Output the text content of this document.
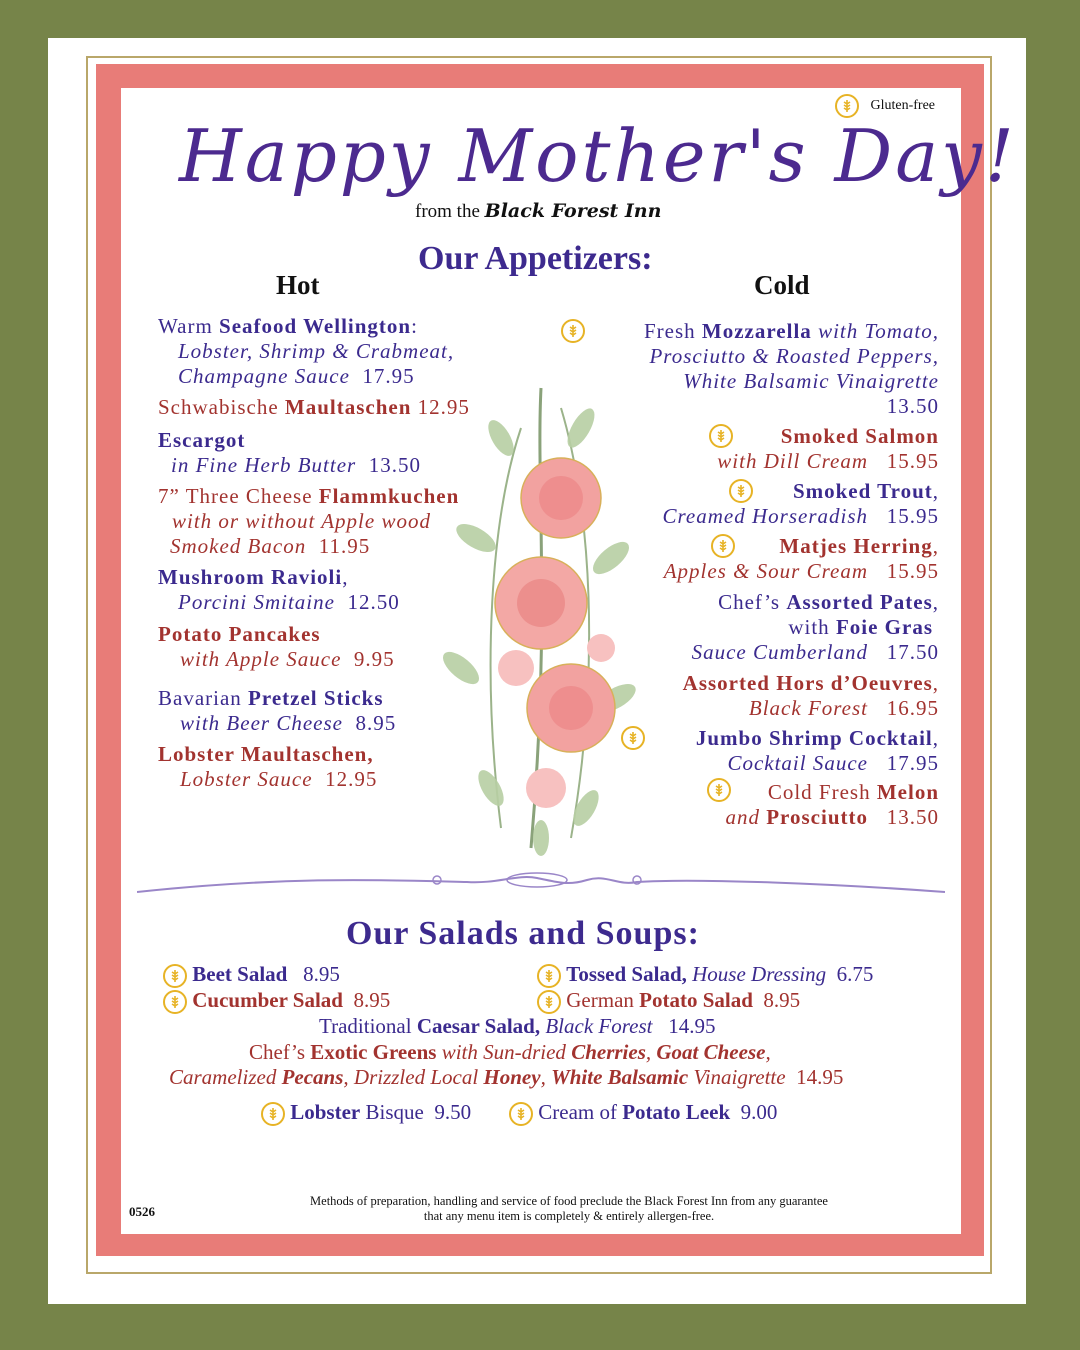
Gluten-free
Happy Mother's Day!
from the Black Forest Inn
Our Appetizers:
Hot	Cold
Warm Seafood Wellington:
Lobster, Shrimp & Crabmeat,
Champagne Sauce 17.95
Schwabische Maultaschen 12.95
Escargot
in Fine Herb Butter 13.50
7” Three Cheese Flammkuchen
with or without Apple wood
Smoked Bacon 11.95
Mushroom Ravioli,
Porcini Smitaine 12.50
Potato Pancakes
with Apple Sauce 9.95
Bavarian Pretzel Sticks
with Beer Cheese 8.95
Lobster Maultaschen,
Lobster Sauce 12.95
Fresh Mozzarella with Tomato,
Prosciutto & Roasted Peppers,
White Balsamic Vinaigrette
13.50
Smoked Salmon
with Dill Cream 15.95
Smoked Trout,
Creamed Horseradish 15.95
Matjes Herring,
Apples & Sour Cream 15.95
Chef’s Assorted Pates,
with Foie Gras
Sauce Cumberland 17.50
Assorted Hors d’Oeuvres,
Black Forest 16.95
Jumbo Shrimp Cocktail,
Cocktail Sauce 17.95
Cold Fresh Melon
and Prosciutto 13.50
Our Salads and Soups:
Beet Salad 8.95
Cucumber Salad 8.95
Tossed Salad, House Dressing 6.75
German Potato Salad 8.95
Traditional Caesar Salad, Black Forest 14.95
Chef’s Exotic Greens with Sun-dried Cherries, Goat Cheese,
Caramelized Pecans, Drizzled Local Honey, White Balsamic Vinaigrette 14.95
Lobster Bisque 9.50	Cream of Potato Leek 9.00
0526
Methods of preparation, handling and service of food preclude the Black Forest Inn from any guarantee
that any menu item is completely & entirely allergen-free.
